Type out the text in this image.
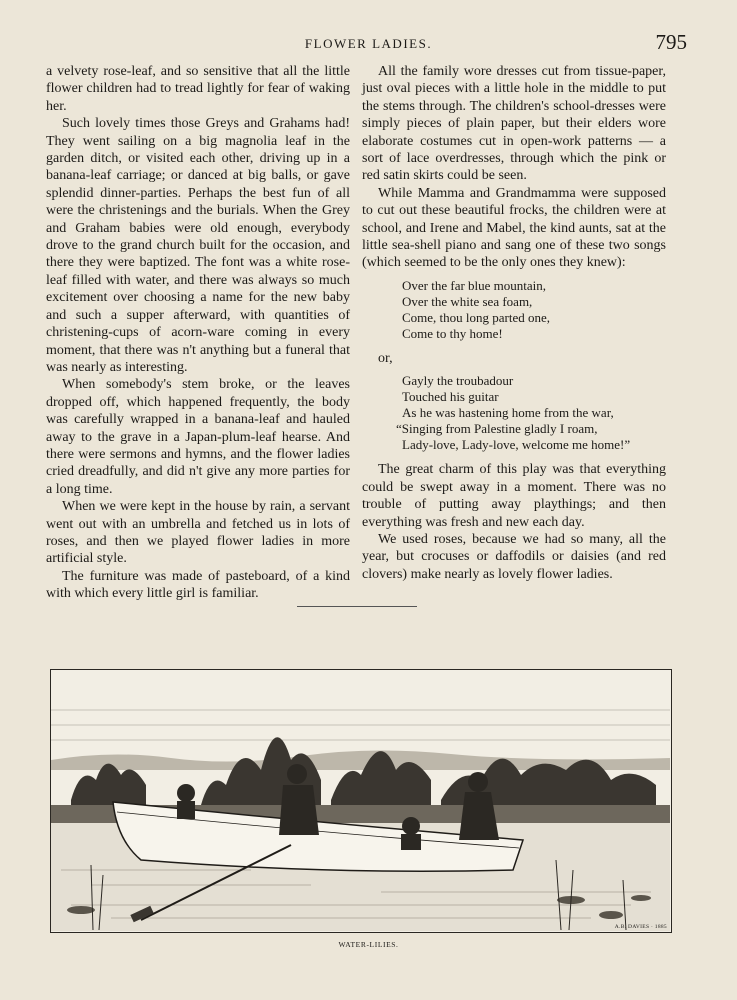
FLOWER LADIES.	795

a velvety rose-leaf, and so sensitive that all the little flower children had to tread lightly for fear of waking her.

Such lovely times those Greys and Grahams had! They went sailing on a big magnolia leaf in the garden ditch, or visited each other, driving up in a banana-leaf carriage; or danced at big balls, or gave splendid dinner-parties. Perhaps the best fun of all were the christenings and the burials. When the Grey and Graham babies were old enough, everybody drove to the grand church built for the occasion, and there they were baptized. The font was a white rose-leaf filled with water, and there was always so much excitement over choosing a name for the new baby and such a supper afterward, with quantities of christening-cups of acorn-ware coming in every moment, that there was n't anything but a funeral that was nearly as interesting.

When somebody's stem broke, or the leaves dropped off, which happened frequently, the body was carefully wrapped in a banana-leaf and hauled away to the grave in a Japan-plum-leaf hearse. And there were sermons and hymns, and the flower ladies cried dreadfully, and did n't give any more parties for a long time.

When we were kept in the house by rain, a servant went out with an umbrella and fetched us in lots of roses, and then we played flower ladies in more artificial style.

The furniture was made of pasteboard, of a kind with which every little girl is familiar.

All the family wore dresses cut from tissue-paper, just oval pieces with a little hole in the middle to put the stems through. The children's school-dresses were simply pieces of plain paper, but their elders wore elaborate costumes cut in open-work patterns — a sort of lace overdresses, through which the pink or red satin skirts could be seen.

While Mamma and Grandmamma were supposed to cut out these beautiful frocks, the children were at school, and Irene and Mabel, the kind aunts, sat at the little sea-shell piano and sang one of these two songs (which seemed to be the only ones they knew):

Over the far blue mountain,
Over the white sea foam,
Come, thou long parted one,
Come to thy home!

or,

Gayly the troubadour
Touched his guitar
As he was hastening home from the war,
“Singing from Palestine gladly I roam,
Lady-love, Lady-love, welcome me home!”

The great charm of this play was that everything could be swept away in a moment. There was no trouble of putting away playthings; and then everything was fresh and new each day.

We used roses, because we had so many, all the year, but crocuses or daffodils or daisies (and red clovers) make nearly as lovely flower ladies.

A.B. DAVIES · 1885
WATER-LILIES.
